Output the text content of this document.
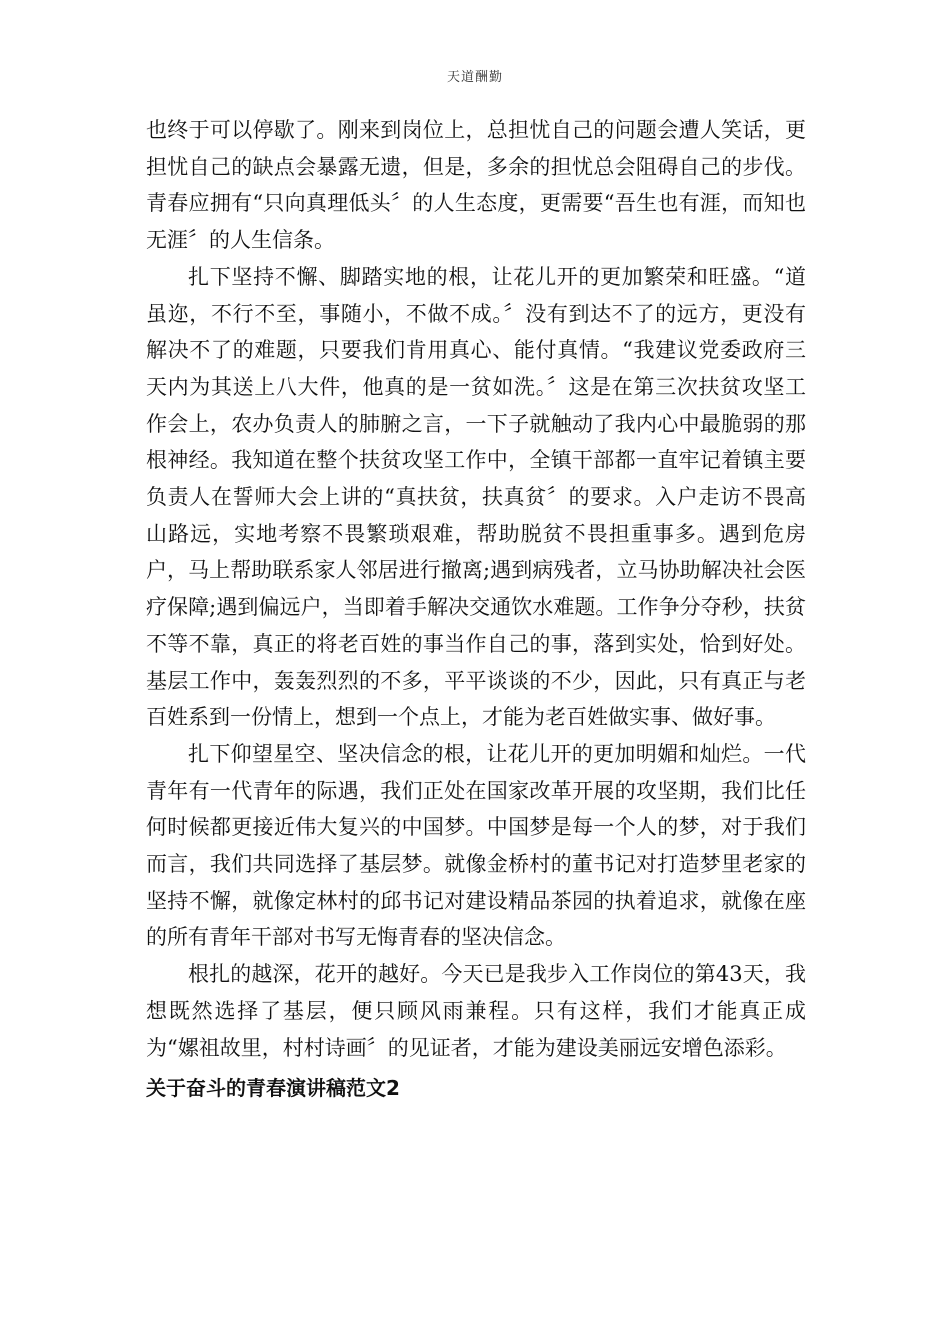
天道酬勤

也终于可以停歇了。刚来到岗位上，总担忧自己的问题会遭人笑话，更担忧自己的缺点会暴露无遗，但是，多余的担忧总会阻碍自己的步伐。青春应拥有“只向真理低头〞的人生态度，更需要“吾生也有涯，而知也无涯〞的人生信条。

扎下坚持不懈、脚踏实地的根，让花儿开的更加繁荣和旺盛。“道虽迩，不行不至，事随小，不做不成。〞没有到达不了的远方，更没有解决不了的难题，只要我们肯用真心、能付真情。“我建议党委政府三天内为其送上八大件，他真的是一贫如洗。〞这是在第三次扶贫攻坚工作会上，农办负责人的肺腑之言，一下子就触动了我内心中最脆弱的那根神经。我知道在整个扶贫攻坚工作中，全镇干部都一直牢记着镇主要负责人在誓师大会上讲的“真扶贫，扶真贫〞的要求。入户走访不畏高山路远，实地考察不畏繁琐艰难，帮助脱贫不畏担重事多。遇到危房户，马上帮助联系家人邻居进行撤离;遇到病残者，立马协助解决社会医疗保障;遇到偏远户，当即着手解决交通饮水难题。工作争分夺秒，扶贫不等不靠，真正的将老百姓的事当作自己的事，落到实处，恰到好处。基层工作中，轰轰烈烈的不多，平平谈谈的不少，因此，只有真正与老百姓系到一份情上，想到一个点上，才能为老百姓做实事、做好事。

扎下仰望星空、坚决信念的根，让花儿开的更加明媚和灿烂。一代青年有一代青年的际遇，我们正处在国家改革开展的攻坚期，我们比任何时候都更接近伟大复兴的中国梦。中国梦是每一个人的梦，对于我们而言，我们共同选择了基层梦。就像金桥村的董书记对打造梦里老家的坚持不懈，就像定林村的邱书记对建设精品茶园的执着追求，就像在座的所有青年干部对书写无悔青春的坚决信念。

根扎的越深，花开的越好。今天已是我步入工作岗位的第43天，我想既然选择了基层，便只顾风雨兼程。只有这样，我们才能真正成为“嫘祖故里，村村诗画〞的见证者，才能为建设美丽远安增色添彩。

关于奋斗的青春演讲稿范文2
